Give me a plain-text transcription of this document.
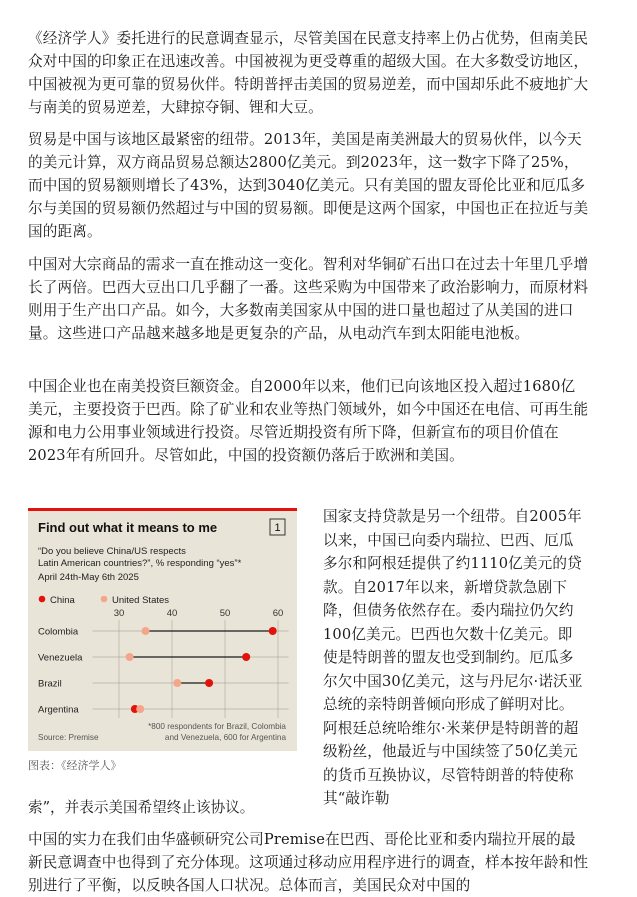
《经济学人》委托进行的民意调查显示，尽管美国在民意支持率上仍占优势，但南美民众对中国的印象正在迅速改善。中国被视为更受尊重的超级大国。在大多数受访地区，中国被视为更可靠的贸易伙伴。特朗普抨击美国的贸易逆差，而中国却乐此不疲地扩大与南美的贸易逆差，大肆掠夺铜、锂和大豆。

贸易是中国与该地区最紧密的纽带。2013年，美国是南美洲最大的贸易伙伴，以今天的美元计算，双方商品贸易总额达2800亿美元。到2023年，这一数字下降了25%，而中国的贸易额则增长了43%，达到3040亿美元。只有美国的盟友哥伦比亚和厄瓜多尔与美国的贸易额仍然超过与中国的贸易额。即便是这两个国家，中国也正在拉近与美国的距离。

中国对大宗商品的需求一直在推动这一变化。智利对华铜矿石出口在过去十年里几乎增长了两倍。巴西大豆出口几乎翻了一番。这些采购为中国带来了政治影响力，而原材料则用于生产出口产品。如今，大多数南美国家从中国的进口量也超过了从美国的进口量。这些进口产品越来越多地是更复杂的产品，从电动汽车到太阳能电池板。

中国企业也在南美投资巨额资金。自2000年以来，他们已向该地区投入超过1680亿美元，主要投资于巴西。除了矿业和农业等热门领域外，如今中国还在电信、可再生能源和电力公用事业领域进行投资。尽管近期投资有所下降，但新宣布的项目价值在2023年有所回升。尽管如此，中国的投资额仍落后于欧洲和美国。

Find out what it means to me	1
“Do you believe China/US respects Latin American countries?”, % responding “yes”*
April 24th-May 6th 2025
China	United States
30	40	50	60
Colombia
Venezuela
Brazil
Argentina
*800 respondents for Brazil, Colombia and Venezuela, 600 for Argentina
Source: Premise
图表：《经济学人》

国家支持贷款是另一个纽带。自2005年以来，中国已向委内瑞拉、巴西、厄瓜多尔和阿根廷提供了约1110亿美元的贷款。自2017年以来，新增贷款急剧下降，但债务依然存在。委内瑞拉仍欠约100亿美元。巴西也欠数十亿美元。即使是特朗普的盟友也受到制约。厄瓜多尔欠中国30亿美元，这与丹尼尔·诺沃亚总统的亲特朗普倾向形成了鲜明对比。阿根廷总统哈维尔·米莱伊是特朗普的超级粉丝，他最近与中国续签了50亿美元的货币互换协议，尽管特朗普的特使称其“敲诈勒

索”，并表示美国希望终止该协议。

中国的实力在我们由华盛顿研究公司Premise在巴西、哥伦比亚和委内瑞拉开展的最新民意调查中也得到了充分体现。这项通过移动应用程序进行的调查，样本按年龄和性别进行了平衡，以反映各国人口状况。总体而言，美国民众对中国的
